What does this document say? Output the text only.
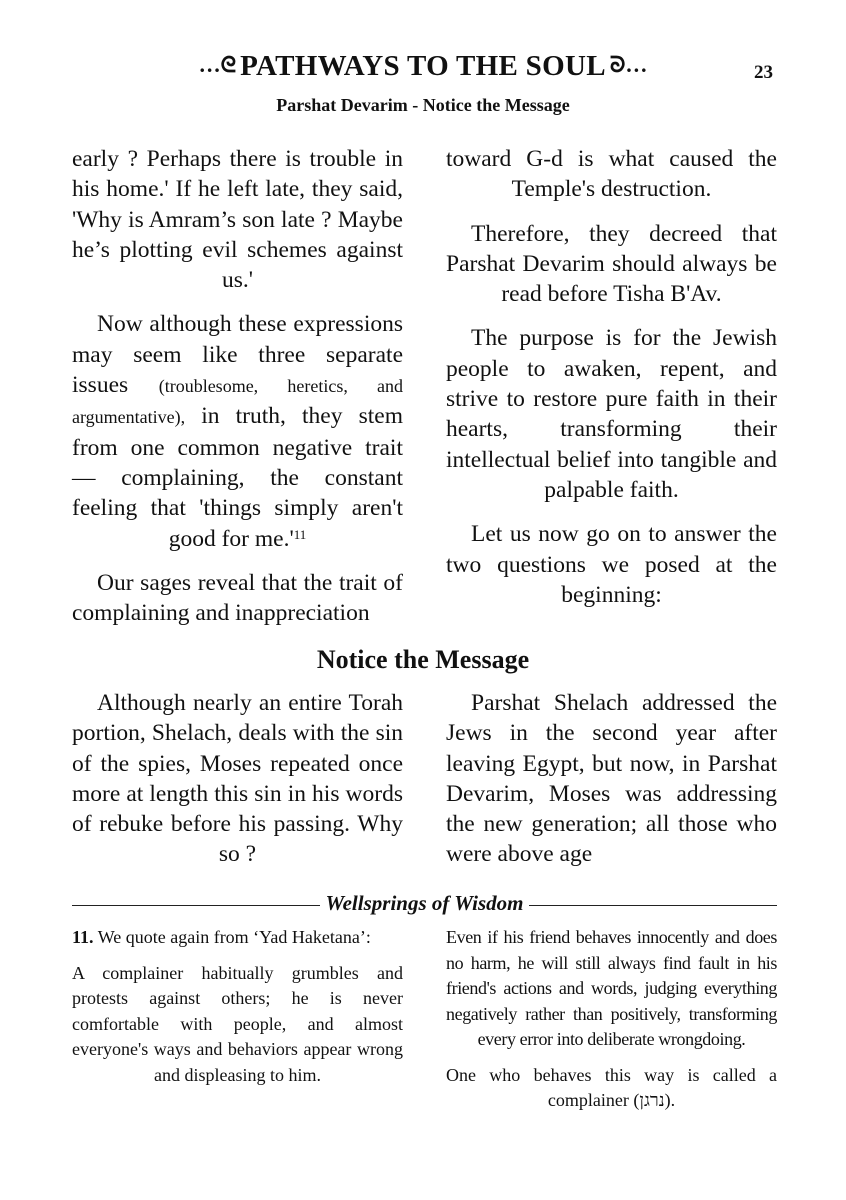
…ᘓ PATHWAYS TO THE SOUL ᘐ…	23
Parshat Devarim - Notice the Message

early ? Perhaps there is trouble in his home.' If he left late, they said, 'Why is Amram’s son late ? Maybe he’s plotting evil schemes against us.'

Now although these expressions may seem like three separate issues (troublesome, heretics, and argumentative), in truth, they stem from one common negative trait — complaining, the constant feeling that 'things simply aren't good for $me.'^{11}$

Our sages reveal that the trait of complaining and inappreciation

toward G-d is what caused the Temple's destruction.

Therefore, they decreed that Parshat Devarim should always be read before Tisha B'Av.

The purpose is for the Jewish people to awaken, repent, and strive to restore pure faith in their hearts, transforming their intellectual belief into tangible and palpable faith.

Let us now go on to answer the two questions we posed at the beginning:

Notice the Message

Although nearly an entire Torah portion, Shelach, deals with the sin of the spies, Moses repeated once more at length this sin in his words of rebuke before his passing. Why so ?

Parshat Shelach addressed the Jews in the second year after leaving Egypt, but now, in Parshat Devarim, Moses was addressing the new generation; all those who were above age

Wellsprings of Wisdom

11. We quote again from ‘Yad Haketana’:

A complainer habitually grumbles and protests against others; he is never comfortable with people, and almost everyone's ways and behaviors appear wrong and displeasing to him.

Even if his friend behaves innocently and does no harm, he will still always find fault in his friend's actions and words, judging everything negatively rather than positively, transforming every error into deliberate wrongdoing.

One who behaves this way is called a complainer (נרגן).
